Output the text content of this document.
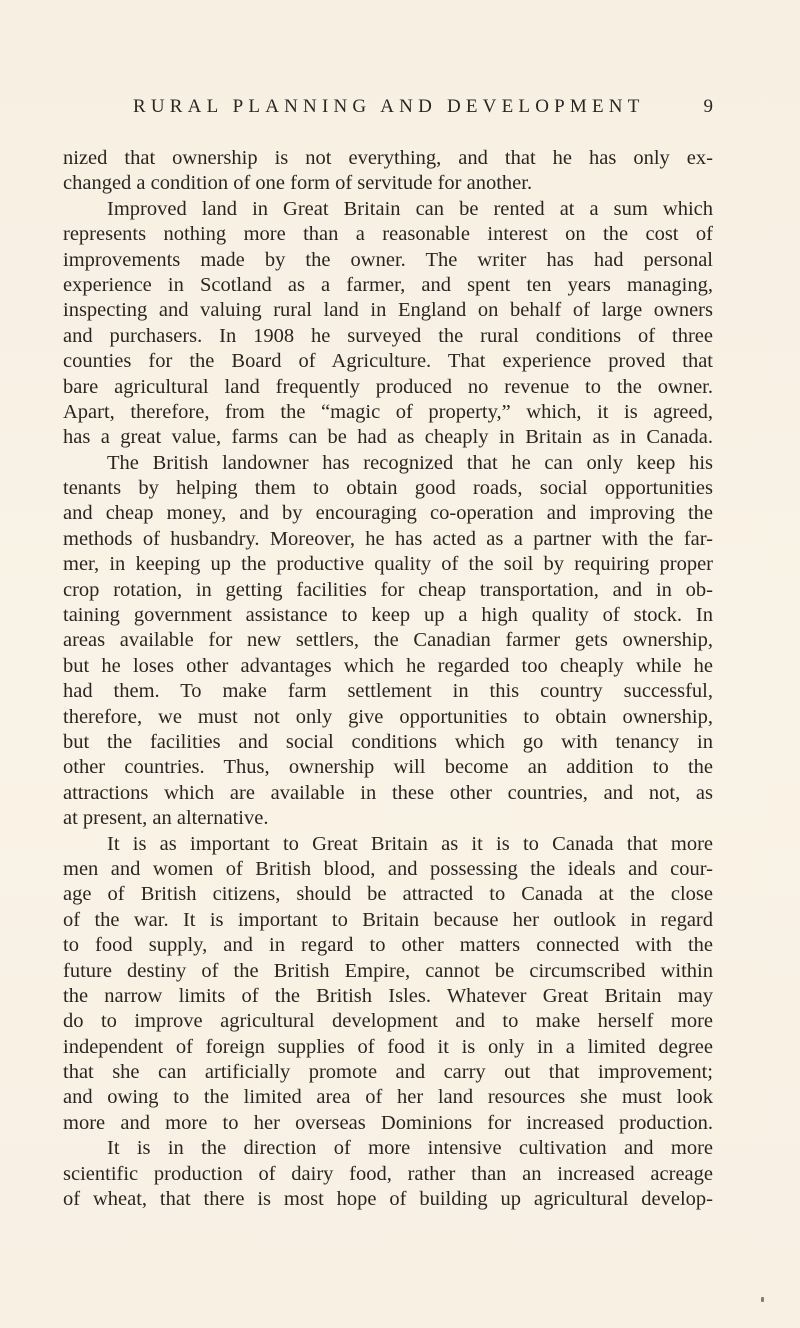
RURAL PLANNING AND DEVELOPMENT	9
nized that ownership is not everything, and that he has only ex-
changed a condition of one form of servitude for another.
Improved land in Great Britain can be rented at a sum which
represents nothing more than a reasonable interest on the cost of
improvements made by the owner. The writer has had personal
experience in Scotland as a farmer, and spent ten years managing,
inspecting and valuing rural land in England on behalf of large owners
and purchasers. In 1908 he surveyed the rural conditions of three
counties for the Board of Agriculture. That experience proved that
bare agricultural land frequently produced no revenue to the owner.
Apart, therefore, from the “magic of property,” which, it is agreed,
has a great value, farms can be had as cheaply in Britain as in Canada.
The British landowner has recognized that he can only keep his
tenants by helping them to obtain good roads, social opportunities
and cheap money, and by encouraging co-operation and improving the
methods of husbandry. Moreover, he has acted as a partner with the far-
mer, in keeping up the productive quality of the soil by requiring proper
crop rotation, in getting facilities for cheap transportation, and in ob-
taining government assistance to keep up a high quality of stock. In
areas available for new settlers, the Canadian farmer gets ownership,
but he loses other advantages which he regarded too cheaply while he
had them. To make farm settlement in this country successful,
therefore, we must not only give opportunities to obtain ownership,
but the facilities and social conditions which go with tenancy in
other countries. Thus, ownership will become an addition to the
attractions which are available in these other countries, and not, as
at present, an alternative.
It is as important to Great Britain as it is to Canada that more
men and women of British blood, and possessing the ideals and cour-
age of British citizens, should be attracted to Canada at the close
of the war. It is important to Britain because her outlook in regard
to food supply, and in regard to other matters connected with the
future destiny of the British Empire, cannot be circumscribed within
the narrow limits of the British Isles. Whatever Great Britain may
do to improve agricultural development and to make herself more
independent of foreign supplies of food it is only in a limited degree
that she can artificially promote and carry out that improvement;
and owing to the limited area of her land resources she must look
more and more to her overseas Dominions for increased production.
It is in the direction of more intensive cultivation and more
scientific production of dairy food, rather than an increased acreage
of wheat, that there is most hope of building up agricultural develop-
